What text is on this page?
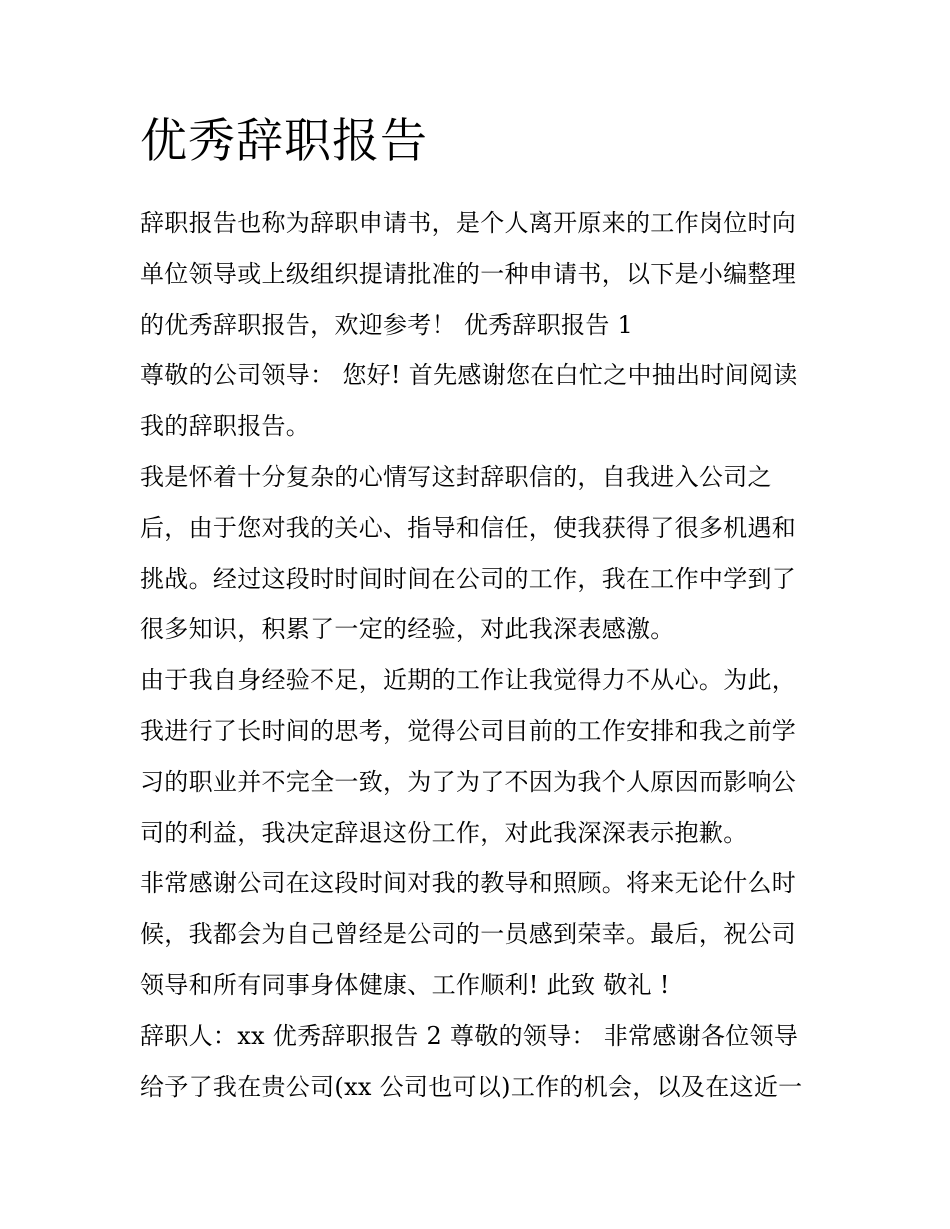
优秀辞职报告

辞职报告也称为辞职申请书，是个人离开原来的工作岗位时向

单位领导或上级组织提请批准的一种申请书，以下是小编整理

的优秀辞职报告，欢迎参考！ 优秀辞职报告 1

尊敬的公司领导： 您好! 首先感谢您在白忙之中抽出时间阅读

我的辞职报告。

我是怀着十分复杂的心情写这封辞职信的，自我进入公司之

后，由于您对我的关心、指导和信任，使我获得了很多机遇和

挑战。经过这段时时间时间在公司的工作，我在工作中学到了

很多知识，积累了一定的经验，对此我深表感激。

由于我自身经验不足，近期的工作让我觉得力不从心。为此，

我进行了长时间的思考，觉得公司目前的工作安排和我之前学

习的职业并不完全一致，为了为了不因为我个人原因而影响公

司的利益，我决定辞退这份工作，对此我深深表示抱歉。

非常感谢公司在这段时间对我的教导和照顾。将来无论什么时

候，我都会为自己曾经是公司的一员感到荣幸。最后，祝公司

领导和所有同事身体健康、工作顺利! 此致 敬礼 !

辞职人：xx 优秀辞职报告 2 尊敬的领导： 非常感谢各位领导

给予了我在贵公司(xx 公司也可以)工作的机会，以及在这近一
